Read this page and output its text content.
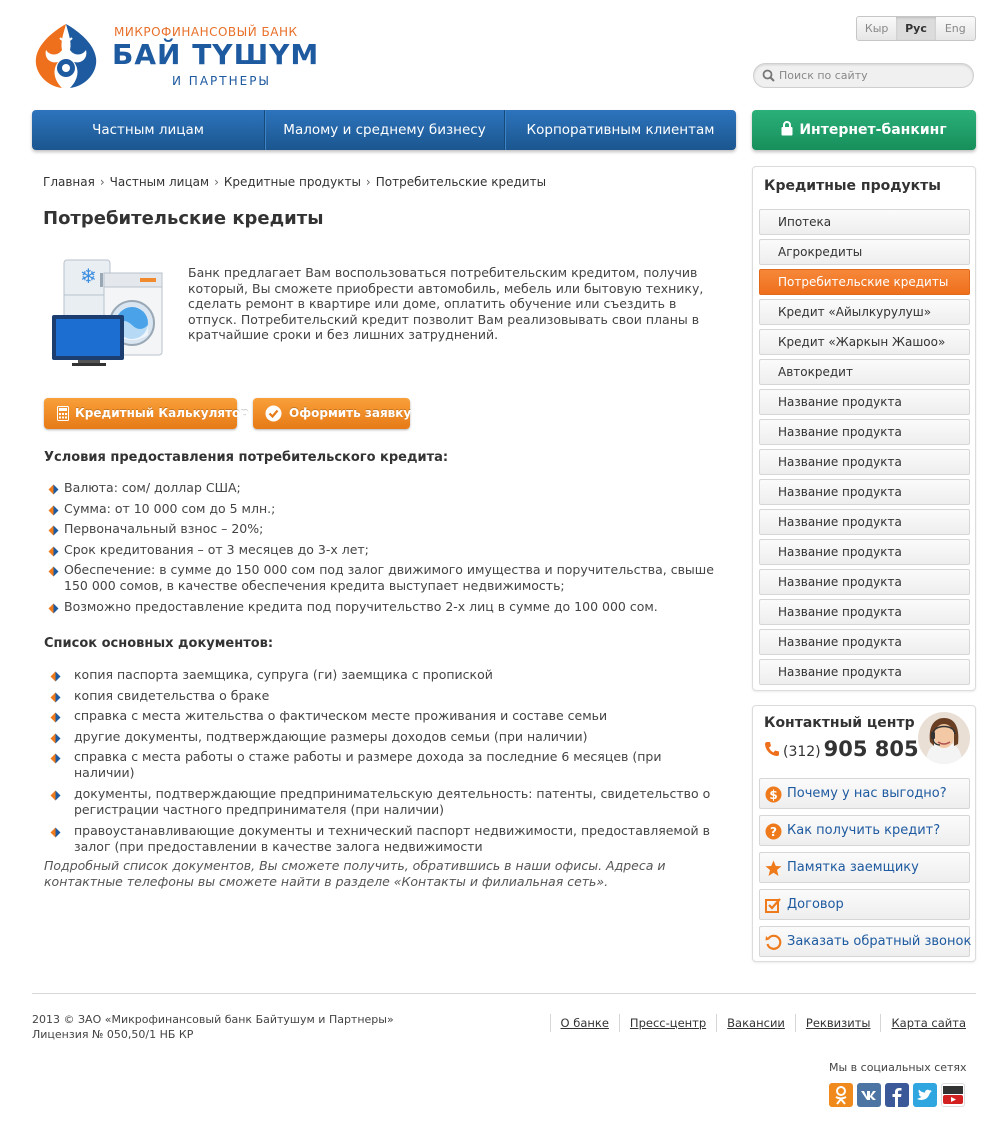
МИКРОФИНАНСОВЫЙ БАНК
БАЙ ТҮШҮМ
И ПАРТНЕРЫ
Кыр	Рус	Eng
Поиск по сайту
Частным лицам	Малому и среднему бизнесу	Корпоративным клиентам	Интернет-банкинг
Главная › Частным лицам › Кредитные продукты › Потребительские кредиты
Потребительские кредиты
❄	Банк предлагает Вам воспользоваться потребительским кредитом, получив который, Вы сможете приобрести автомобиль, мебель или бытовую технику, сделать ремонт в квартире или доме, оплатить обучение или съездить в отпуск. Потребительский кредит позволит Вам реализовывать свои планы в кратчайшие сроки и без лишних затруднений.

Кредитный Калькулятор	Оформить заявку
Условия предоставления потребительского кредита:
Валюта: сом/ доллар США;
Сумма: от 10 000 сом до 5 млн.;
Первоначальный взнос – 20%;
Срок кредитования – от 3 месяцев до 3-х лет;
Обеспечение: в сумме до 150 000 сом под залог движимого имущества и поручительства, свыше 150 000 сомов, в качестве обеспечения кредита выступает недвижимость;
Возможно предоставление кредита под поручительство 2-х лиц в сумме до 100 000 сом.
Список основных документов:
копия паспорта заемщика, супруга (ги) заемщика с пропиской
копия свидетельства о браке
справка с места жительства о фактическом месте проживания и составе семьи
другие документы, подтверждающие размеры доходов семьи (при наличии)
справка с места работы о стаже работы и размере дохода за последние 6 месяцев (при наличии)
документы, подтверждающие предпринимательскую деятельность: патенты, свидетельство о регистрации частного предпринимателя (при наличии)
правоустанавливающие документы и технический паспорт недвижимости, предоставляемой в залог (при предоставлении в качестве залога недвижимости

Подробный список документов, Вы сможете получить, обратившись в наши офисы. Адреса и контактные телефоны вы сможете найти в разделе «Контакты и филиальная сеть».

Кредитные продукты
Ипотека
Агрокредиты
Потребительские кредиты
Кредит «Айылкурулуш»
Кредит «Жаркын Жашоо»
Автокредит
Название продукта
Название продукта
Название продукта
Название продукта
Название продукта
Название продукта
Название продукта
Название продукта
Название продукта
Название продукта
Контактный центр
(312) 905 805
$ Почему у нас выгодно?
? Как получить кредит?
Памятка заемщику
Договор
Заказать обратный звонок
2013 © ЗАО «Микрофинансовый банк Байтушум и Партнеры»
Лицензия № 050,50/1 НБ КР
О банке	Пресс-центр	Вакансии	Реквизиты	Карта сайта
Мы в социальных сетях
